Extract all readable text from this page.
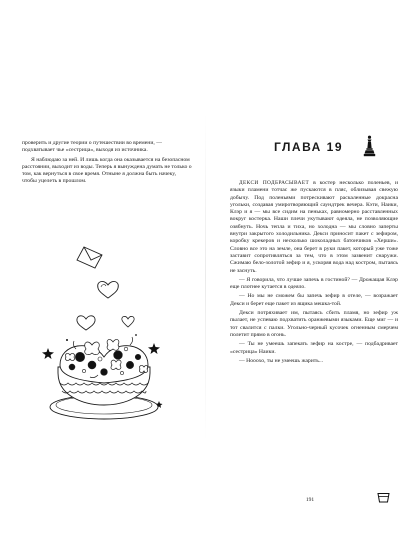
проверить и другие теории о путешествии во времени, — подхватывает чье «сестрица», выходя из источника.

Я наблюдаю за ней. И лишь когда она оказывается на безопасном расстоянии, выходит из воды. Теперь я вынуждена думать не только о том, как вернуться в свое время. Отныне я должна быть начеку, чтобы уцелеть в прошлом.

ГЛАВА 19

ДЕКСИ ПОДБРАСЫВАЕТ в костер несколько поленьев, и языки пламени тотчас же пускаются в пляс, облизывая свежую добычу. Под поленьями потрескивают раскаленные докрасна угольки, создавая умиротворяющий саундтрек вечера. Кэти, Наики, Клэр и я — мы все сидим на пеньках, равномерно расставленных вокруг костерка. Наши плечи укутывают одеяла, не позволяющие озябнуть. Ночь тепла и тиха, но холодна — мы словно заперты внутри закрытого холодильника. Декси приносит пакет с зефиром, коробку крекеров и несколько шоколадных батончиков «Херши». Словно все это на земле, она берет в руки пакет, который уже тоже заставит сопротивляться за тем, что в этом зазвенит снаружи. Сжимаю бело-золотой зефир и я, ускоряя вода над костром, пытаясь не заснуть.

— Я говорила, что лучше запечь в гостиной? — Дрожащая Клэр еще плотнее кутается в одеяло.

— Но мы не сможем бы запечь зефир в отеле, — возражает Декси и берет еще пакет из ящика мешка-той.

Декси потряхивает им, пытаясь сбить пламя, но зефир уж пылает, не успеваю подхватить оранжевыми языками. Еще миг — и тот свалится с палки. Угольно-черный кусочек огненным смерчем полетит прямо в огонь.

— Ты не умеешь запекать зефир на костре, — подбадривает «сестрица» Наики.

— Нооохо, ты не умеешь жарить...

191
